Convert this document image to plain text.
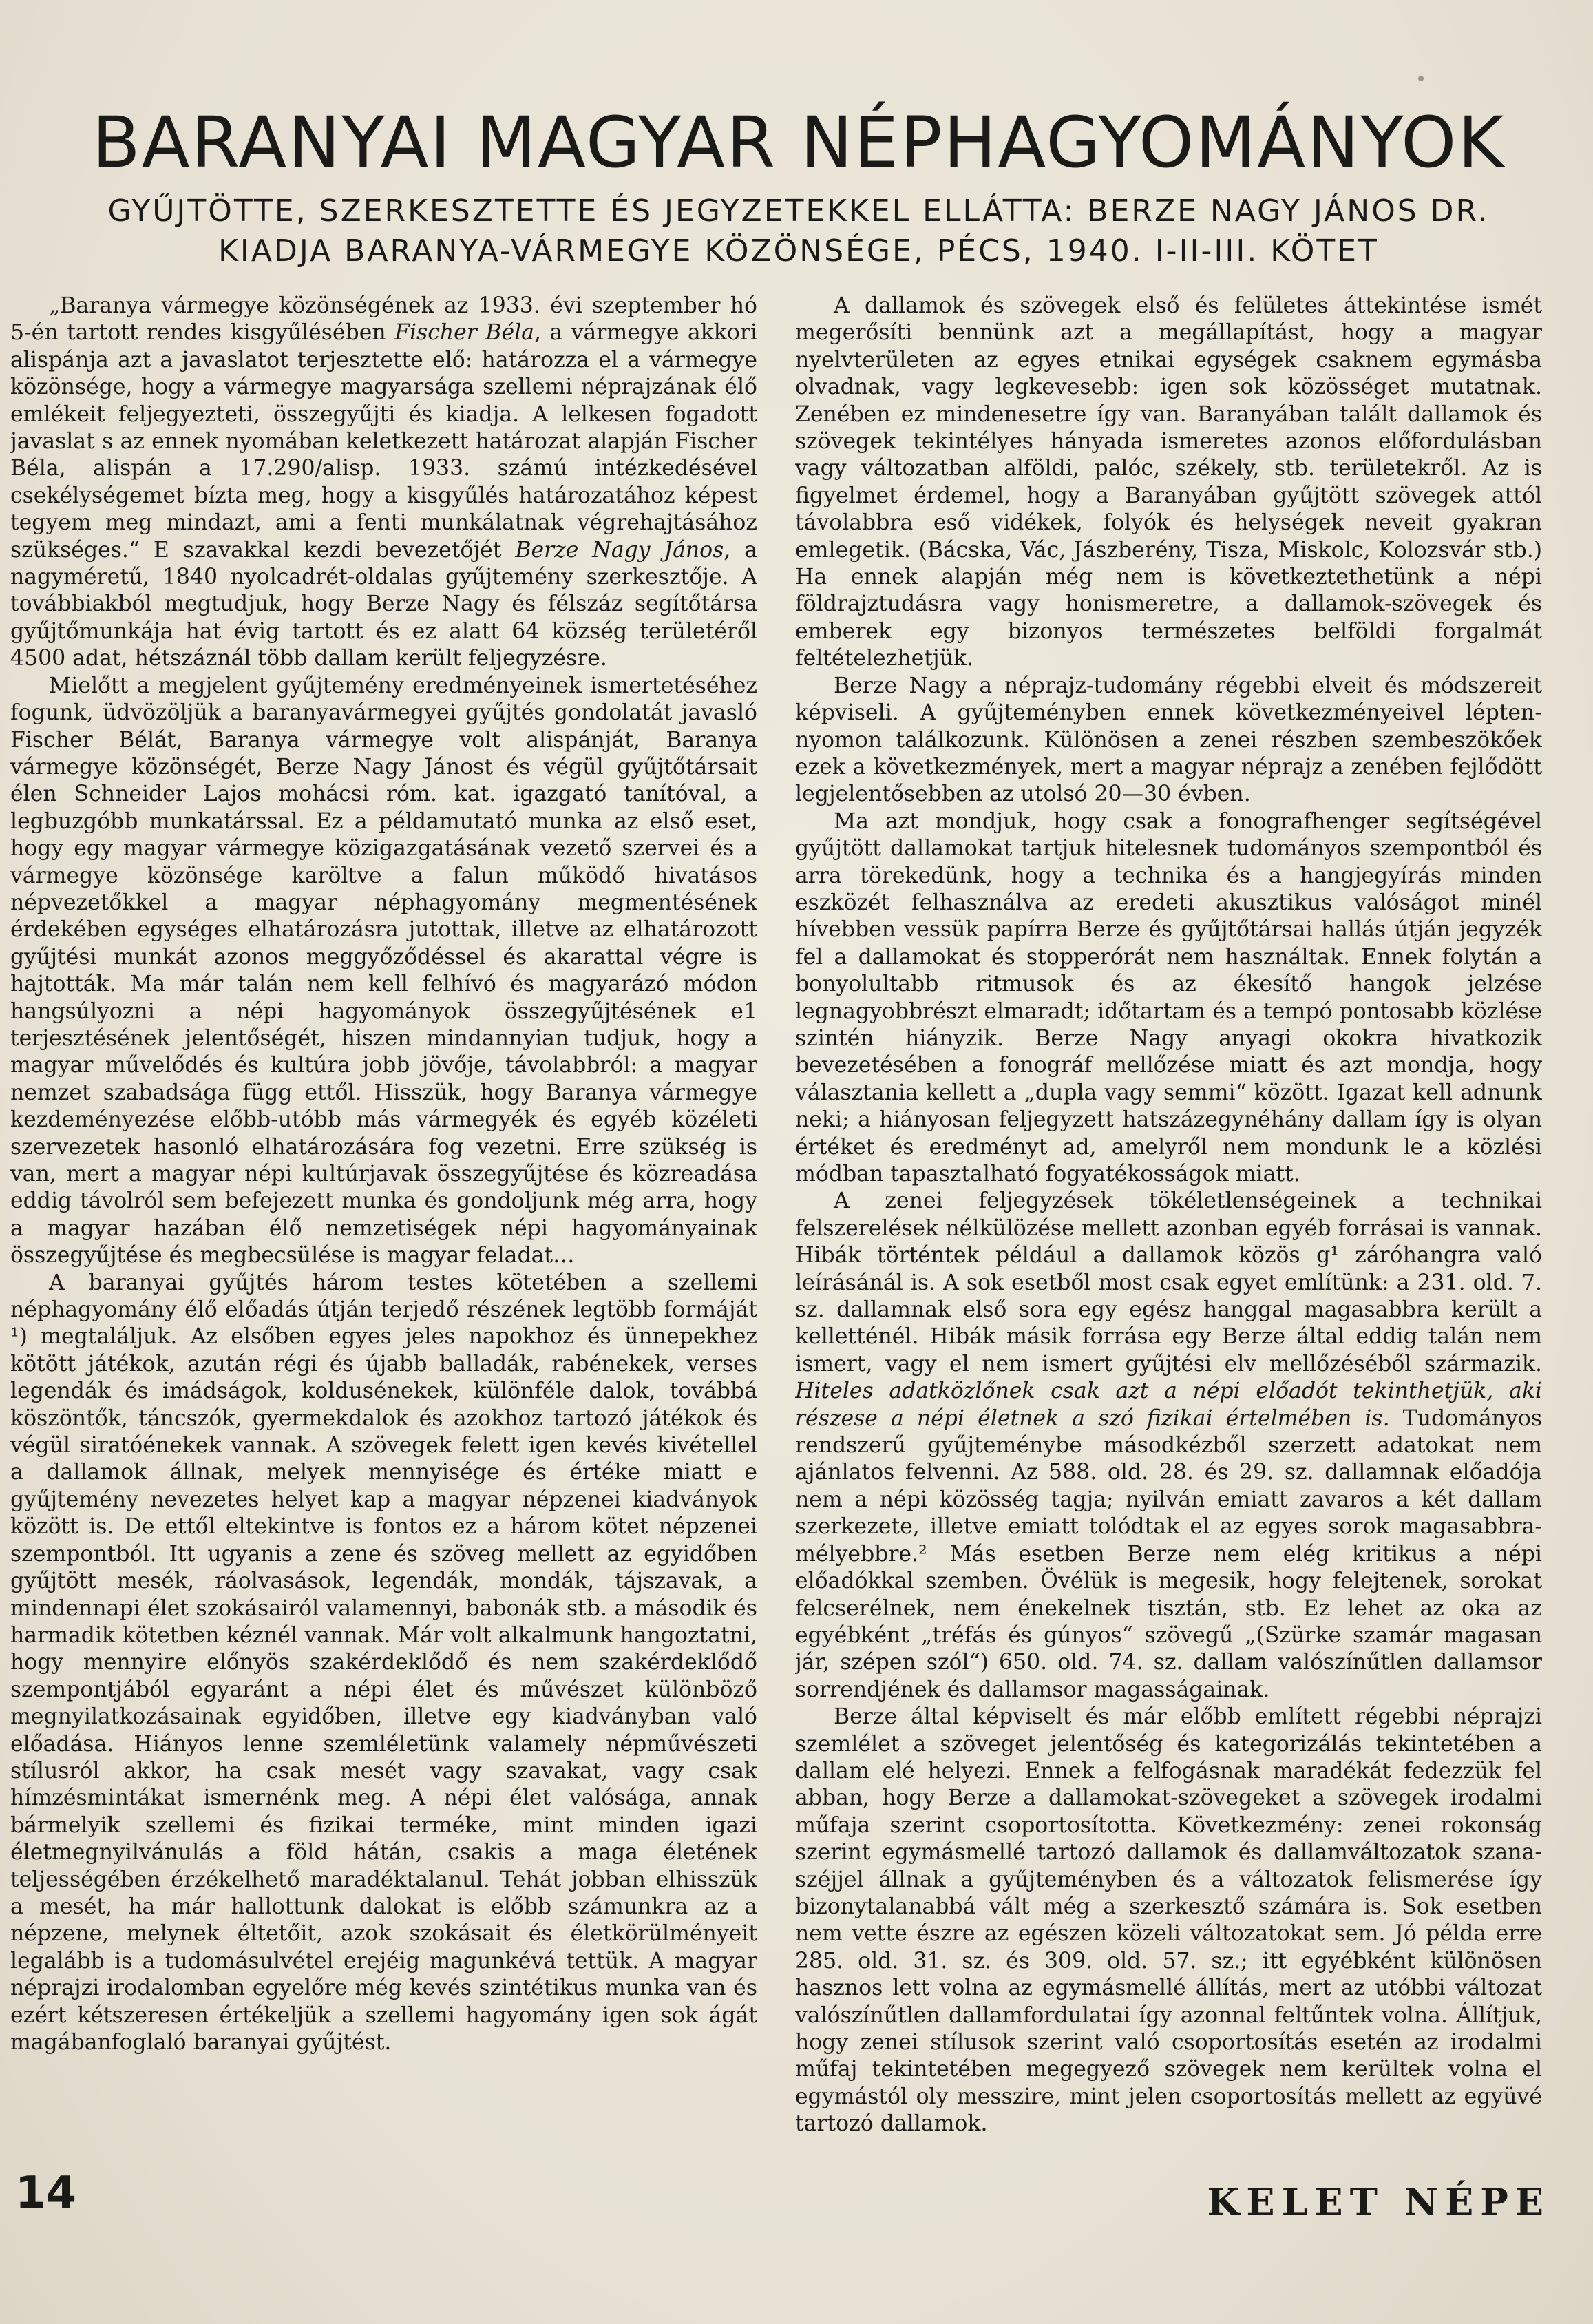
BARANYAI MAGYAR NÉPHAGYOMÁNYOK
GYŰJTÖTTE, SZERKESZTETTE ÉS JEGYZETEKKEL ELLÁTTA: BERZE NAGY JÁNOS DR.
KIADJA BARANYA-VÁRMEGYE KÖZÖNSÉGE, PÉCS, 1940. I-II-III. KÖTET

„Baranya vármegye közönségének az 1933. évi szeptember hó 5-én tartott rendes kisgyűlésében Fischer Béla, a vármegye akkori alispánja azt a javaslatot terjesztette elő: határozza el a vármegye közönsége, hogy a vármegye magyarsága szellemi néprajzának élő emlékeit feljegyezteti, összegyűjti és kiadja. A lelkesen fogadott javaslat s az ennek nyomában keletkezett határozat alapján Fischer Béla, alispán a 17.290/alisp. 1933. számú intézkedésével csekélységemet bízta meg, hogy a kisgyűlés határozatához képest tegyem meg mindazt, ami a fenti munkálatnak végrehajtásához szükséges.“ E szavakkal kezdi bevezetőjét Berze Nagy János, a nagyméretű, 1840 nyolcadrét-oldalas gyűjtemény szerkesztője. A továbbiakból megtudjuk, hogy Berze Nagy és félszáz segítőtársa gyűjtőmunkája hat évig tartott és ez alatt 64 község területéről 4500 adat, hétszáznál több dallam került feljegyzésre.

Mielőtt a megjelent gyűjtemény eredményeinek ismertetéséhez fogunk, üdvözöljük a baranyavármegyei gyűjtés gondolatát javasló Fischer Bélát, Baranya vármegye volt alispánját, Baranya vármegye közönségét, Berze Nagy Jánost és végül gyűjtőtársait élen Schneider Lajos mohácsi róm. kat. igazgató tanítóval, a legbuzgóbb munkatárssal. Ez a példamutató munka az első eset, hogy egy magyar vármegye közigazgatásának vezető szervei és a vármegye közönsége karöltve a falun működő hivatásos népvezetőkkel a magyar néphagyomány megmentésének érdekében egységes elhatározásra jutottak, illetve az elhatározott gyűjtési munkát azonos meggyőződéssel és akarattal végre is hajtották. Ma már talán nem kell felhívó és magyarázó módon hangsúlyozni a népi hagyományok összegyűjtésének e1 terjesztésének jelentőségét, hiszen mindannyian tudjuk, hogy a magyar művelődés és kultúra jobb jövője, távolabbról: a magyar nemzet szabadsága függ ettől. Hisszük, hogy Baranya vármegye kezdeményezése előbb-utóbb más vármegyék és egyéb közéleti szervezetek hasonló elhatározására fog vezetni. Erre szükség is van, mert a magyar népi kultúrjavak összegyűjtése és közreadása eddig távolról sem befejezett munka és gondoljunk még arra, hogy a magyar hazában élő nemzetiségek népi hagyományainak összegyűjtése és megbecsülése is magyar feladat…

A baranyai gyűjtés három testes kötetében a szellemi néphagyomány élő előadás útján terjedő részének legtöbb formáját ¹) megtaláljuk. Az elsőben egyes jeles napokhoz és ünnepekhez kötött játékok, azután régi és újabb balladák, rabénekek, verses legendák és imádságok, koldusénekek, különféle dalok, továbbá köszöntők, táncszók, gyermekdalok és azokhoz tartozó játékok és végül siratóénekek vannak. A szövegek felett igen kevés kivétellel a dallamok állnak, melyek mennyisége és értéke miatt e gyűjtemény nevezetes helyet kap a magyar népzenei kiadványok között is. De ettől eltekintve is fontos ez a három kötet népzenei szempontból. Itt ugyanis a zene és szöveg mellett az egyidőben gyűjtött mesék, ráolvasások, legendák, mondák, tájszavak, a mindennapi élet szokásairól valamennyi, babonák stb. a második és harmadik kötetben kéznél vannak. Már volt alkalmunk hangoztatni, hogy mennyire előnyös szakérdeklődő és nem szakérdeklődő szempontjából egyaránt a népi élet és művészet különböző megnyilatkozásainak egyidőben, illetve egy kiadványban való előadása. Hiányos lenne szemléletünk valamely népművészeti stílusról akkor, ha csak mesét vagy szavakat, vagy csak hímzésmintákat ismernénk meg. A népi élet valósága, annak bármelyik szellemi és fizikai terméke, mint minden igazi életmegnyilvánulás a föld hátán, csakis a maga életének teljességében érzékelhető maradéktalanul. Tehát jobban elhisszük a mesét, ha már hallottunk dalokat is előbb számunkra az a népzene, melynek éltetőit, azok szokásait és életkörülményeit legalább is a tudomásulvétel erejéig magunkévá tettük. A magyar néprajzi irodalomban egyelőre még kevés szintétikus munka van és ezért kétszeresen értékeljük a szellemi hagyomány igen sok ágát magábanfoglaló baranyai gyűjtést.

A dallamok és szövegek első és felületes áttekintése ismét megerősíti bennünk azt a megállapítást, hogy a magyar nyelvterületen az egyes etnikai egységek csaknem egymásba olvadnak, vagy legkevesebb: igen sok közösséget mutatnak. Zenében ez mindenesetre így van. Baranyában talált dallamok és szövegek tekintélyes hányada ismeretes azonos előfordulásban vagy változatban alföldi, palóc, székely, stb. területekről. Az is figyelmet érdemel, hogy a Baranyában gyűjtött szövegek attól távolabbra eső vidékek, folyók és helységek neveit gyakran emlegetik. (Bácska, Vác, Jászberény, Tisza, Miskolc, Kolozsvár stb.) Ha ennek alapján még nem is következtethetünk a népi földrajztudásra vagy honismeretre, a dallamok-szövegek és emberek egy bizonyos természetes belföldi forgalmát feltételezhetjük.

Berze Nagy a néprajz-tudomány régebbi elveit és módszereit képviseli. A gyűjteményben ennek következményeivel lépten-nyomon találkozunk. Különösen a zenei részben szembeszökőek ezek a következmények, mert a magyar néprajz a zenében fejlődött legjelentősebben az utolsó 20—30 évben.

Ma azt mondjuk, hogy csak a fonografhenger segítségével gyűjtött dallamokat tartjuk hitelesnek tudományos szempontból és arra törekedünk, hogy a technika és a hangjegyírás minden eszközét felhasználva az eredeti akusztikus valóságot minél hívebben vessük papírra Berze és gyűjtőtársai hallás útján jegyzék fel a dallamokat és stopperórát nem használtak. Ennek folytán a bonyolultabb ritmusok és az ékesítő hangok jelzése legnagyobbrészt elmaradt; időtartam és a tempó pontosabb közlése szintén hiányzik. Berze Nagy anyagi okokra hivatkozik bevezetésében a fonográf mellőzése miatt és azt mondja, hogy választania kellett a „dupla vagy semmi“ között. Igazat kell adnunk neki; a hiányosan feljegyzett hatszázegynéhány dallam így is olyan értéket és eredményt ad, amelyről nem mondunk le a közlési módban tapasztalható fogyatékosságok miatt.

A zenei feljegyzések tökéletlenségeinek a technikai felszerelések nélkülözése mellett azonban egyéb forrásai is vannak. Hibák történtek például a dallamok közös g¹ záróhangra való leírásánál is. A sok esetből most csak egyet említünk: a 231. old. 7. sz. dallamnak első sora egy egész hanggal magasabbra került a kelletténél. Hibák másik forrása egy Berze által eddig talán nem ismert, vagy el nem ismert gyűjtési elv mellőzéséből származik. Hiteles adatközlőnek csak azt a népi előadót tekinthetjük, aki részese a népi életnek a szó fizikai értelmében is. Tudományos rendszerű gyűjteménybe másodkézből szerzett adatokat nem ajánlatos felvenni. Az 588. old. 28. és 29. sz. dallamnak előadója nem a népi közösség tagja; nyilván emiatt zavaros a két dallam szerkezete, illetve emiatt tolódtak el az egyes sorok magasabbra-mélyebbre.² Más esetben Berze nem elég kritikus a népi előadókkal szemben. Övélük is megesik, hogy felejtenek, sorokat felcserélnek, nem énekelnek tisztán, stb. Ez lehet az oka az egyébként „tréfás és gúnyos“ szövegű „(Szürke szamár magasan jár, szépen szól“) 650. old. 74. sz. dallam valószínűtlen dallamsor sorrendjének és dallamsor magasságainak.

Berze által képviselt és már előbb említett régebbi néprajzi szemlélet a szöveget jelentőség és kategorizálás tekintetében a dallam elé helyezi. Ennek a felfogásnak maradékát fedezzük fel abban, hogy Berze a dallamokat-szövegeket a szövegek irodalmi műfaja szerint csoportosította. Következmény: zenei rokonság szerint egymásmellé tartozó dallamok és dallamváltozatok szana-széjjel állnak a gyűjteményben és a változatok felismerése így bizonytalanabbá vált még a szerkesztő számára is. Sok esetben nem vette észre az egészen közeli változatokat sem. Jó példa erre 285. old. 31. sz. és 309. old. 57. sz.; itt egyébként különösen hasznos lett volna az egymásmellé állítás, mert az utóbbi változat valószínűtlen dallamfordulatai így azonnal feltűntek volna. Állítjuk, hogy zenei stílusok szerint való csoportosítás esetén az irodalmi műfaj tekintetében megegyező szövegek nem kerültek volna el egymástól oly messzire, mint jelen csoportosítás mellett az együvé tartozó dallamok.

14	KELET NÉPE
